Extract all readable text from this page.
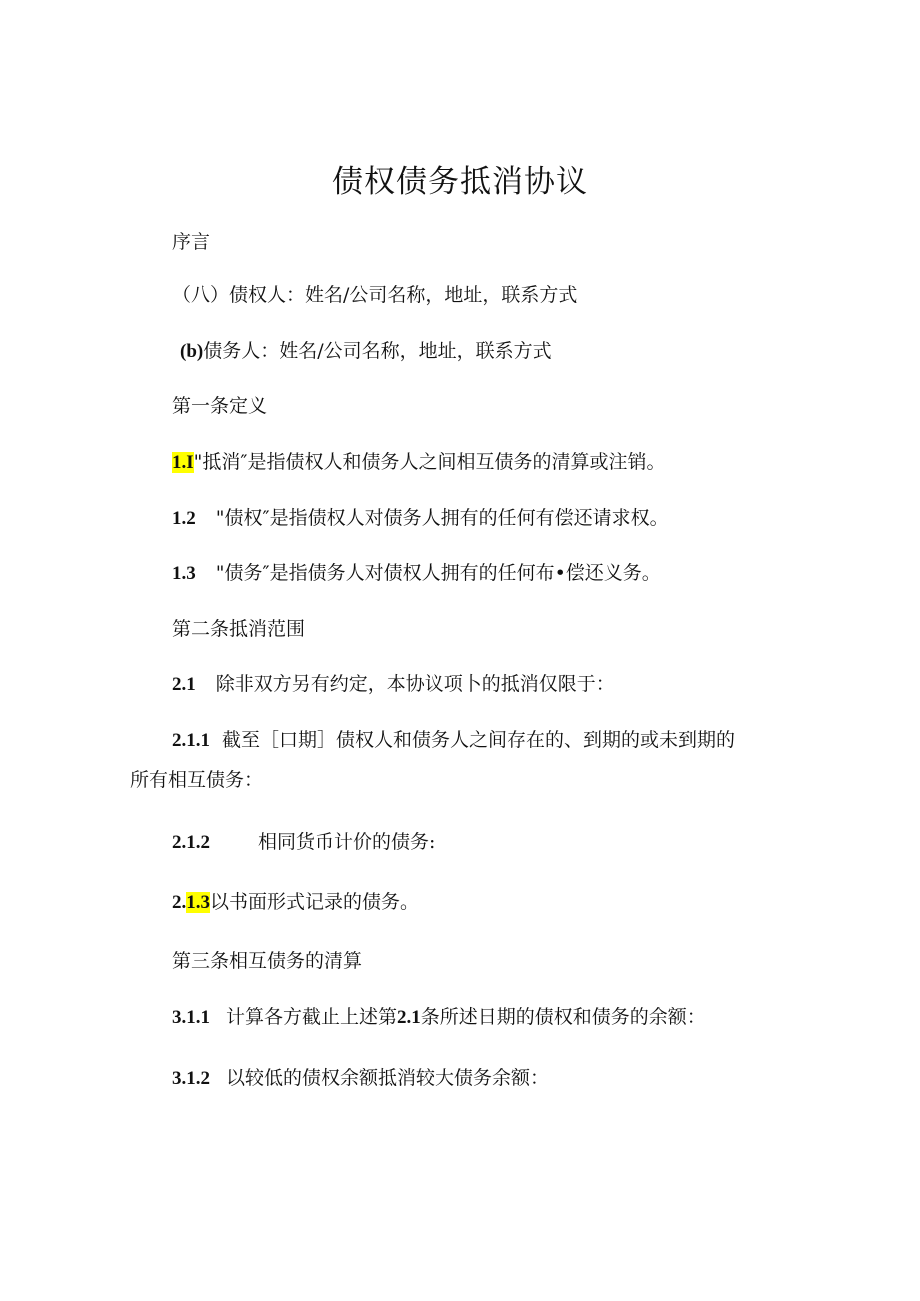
债权债务抵消协议
序言
（八）债权人：姓名/公司名称，地址，联系方式
(b)债务人：姓名/公司名称，地址，联系方式
第一条定义
1.I"抵消″是指债权人和债务人之间相互债务的清算或注销。
1.2 "债权″是指债权人对债务人拥有的任何有偿还请求权。
1.3 "债务″是指债务人对债权人拥有的任何布•偿还义务。
第二条抵消范围
2.1 除非双方另有约定，本协议项卜的抵消仅限于：
2.1.1 截至［口期］债权人和债务人之间存在的、到期的或未到期的
所有相互债务：
2.1.2	相同货币计价的债务:
2.1.3以书面形式记录的债务。
第三条相互债务的清算
3.1.1 计算各方截止上述第2.1条所述日期的债权和债务的余额：
3.1.2 以较低的债权余额抵消较大债务余额：
